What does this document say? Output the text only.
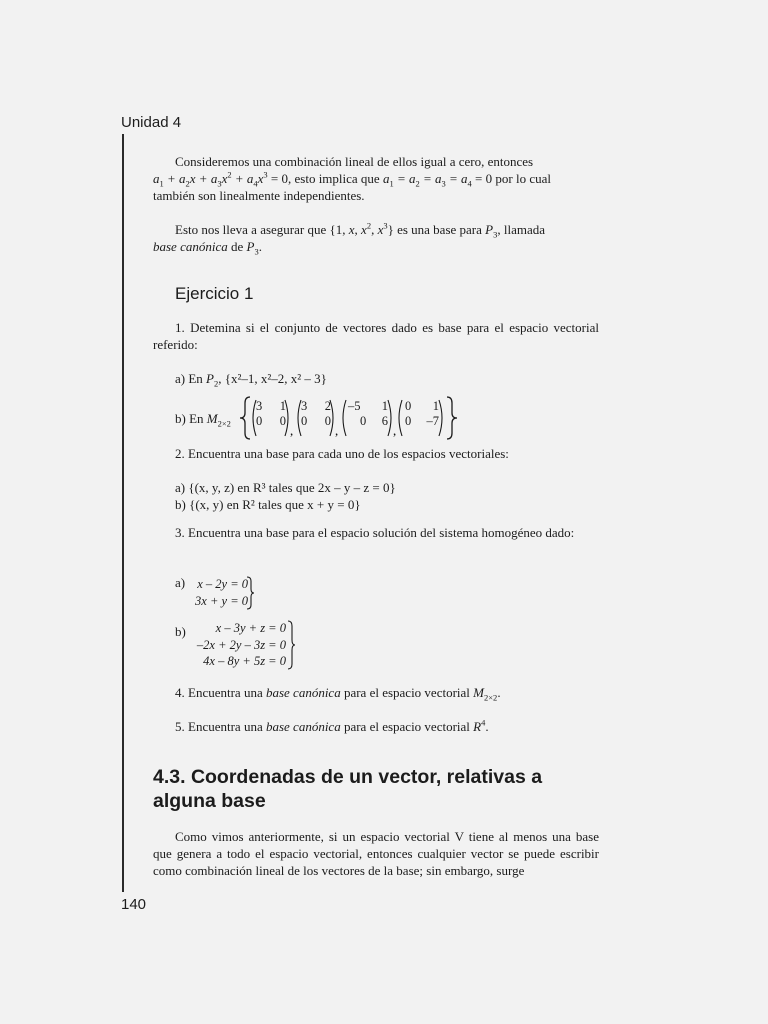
Unidad 4
Consideremos una combinación lineal de ellos igual a cero, entonces
$a_1 + a_2x + a_3x^2 + a_4x^3 = 0$, esto implica que $a_1 = a_2 = a_3 = a_4 = 0$ por lo cual
también son linealmente independientes.
Esto nos lleva a asegurar que {1, x, $x^2$, $x^3$} es una base para $P_3$, llamada
base canónica de $P_3$.
Ejercicio 1
1. Detemina si el conjunto de vectores dado es base para el espacio vectorial referido:
a) En $P_2$, {x²–1, x²–2, x² – 3}
b) En $M_{2\times 2}$	,	,	,
3 1
0 0
3 2
0 0
–5 1
0 6
0 1
0 –7
2. Encuentra una base para cada uno de los espacios vectoriales:
a) {(x, y, z) en R³ tales que 2x – y – z = 0}
b) {(x, y) en R² tales que x + y = 0}
3. Encuentra una base para el espacio solución del sistema homogéneo dado:
a) x – 2y = 0
3x + y = 0
b)	x – 3y + z = 0
–2x + 2y – 3z = 0
4x – 8y + 5z = 0
4. Encuentra una base canónica para el espacio vectorial $M_{2\times 2}$.
5. Encuentra una base canónica para el espacio vectorial $R^4$.
4.3. Coordenadas de un vector, relativas a alguna base
Como vimos anteriormente, si un espacio vectorial V tiene al menos una base que genera a todo el espacio vectorial, entonces cualquier vector se puede escribir como combinación lineal de los vectores de la base; sin embargo, surge
140
